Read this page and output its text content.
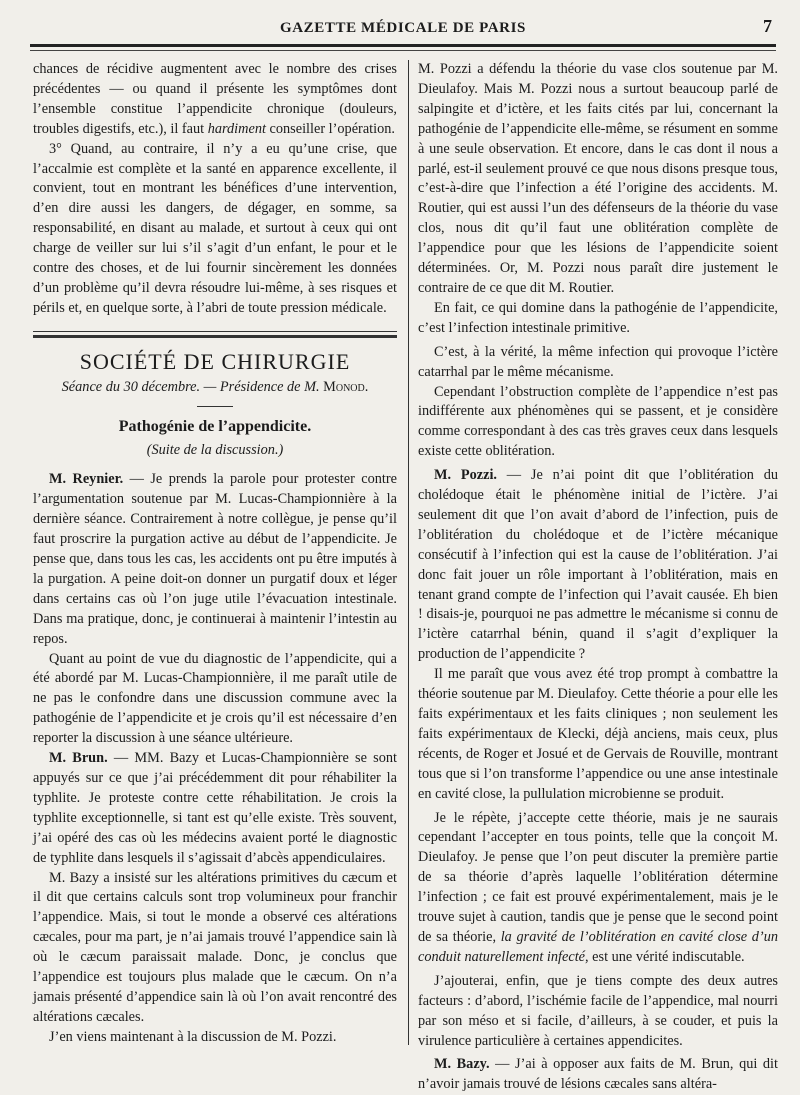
GAZETTE MÉDICALE DE PARIS	7

chances de récidive augmentent avec le nombre des crises précédentes — ou quand il présente les symptômes dont l’ensemble constitue l’appendicite chronique (douleurs, troubles digestifs, etc.), il faut hardiment conseiller l’opération.

3° Quand, au contraire, il n’y a eu qu’une crise, que l’accalmie est complète et la santé en apparence excellente, il convient, tout en montrant les bénéfices d’une intervention, d’en dire aussi les dangers, de dégager, en somme, sa responsabilité, en disant au malade, et surtout à ceux qui ont charge de veiller sur lui s’il s’agit d’un enfant, le pour et le contre des choses, et de lui fournir sincèrement les données d’un problème qu’il devra résoudre lui-même, à ses risques et périls et, en quelque sorte, à l’abri de toute pression médicale.

SOCIÉTÉ DE CHIRURGIE
Séance du 30 décembre. — Présidence de M. Monod.
Pathogénie de l’appendicite.
(Suite de la discussion.)

M. Reynier. — Je prends la parole pour protester contre l’argumentation soutenue par M. Lucas-Championnière à la dernière séance. Contrairement à notre collègue, je pense qu’il faut proscrire la purgation active au début de l’appendicite. Je pense que, dans tous les cas, les accidents ont pu être imputés à la purgation. A peine doit-on donner un purgatif doux et léger dans certains cas où l’on juge utile l’évacuation intestinale. Dans ma pratique, donc, je continuerai à maintenir l’intestin au repos.

Quant au point de vue du diagnostic de l’appendicite, qui a été abordé par M. Lucas-Championnière, il me paraît utile de ne pas le confondre dans une discussion commune avec la pathogénie de l’appendicite et je crois qu’il est nécessaire d’en reporter la discussion à une séance ultérieure.

M. Brun. — MM. Bazy et Lucas-Championnière se sont appuyés sur ce que j’ai précédemment dit pour réhabiliter la typhlite. Je proteste contre cette réhabilitation. Je crois la typhlite exceptionnelle, si tant est qu’elle existe. Très souvent, j’ai opéré des cas où les médecins avaient porté le diagnostic de typhlite dans lesquels il s’agissait d’abcès appendiculaires.

M. Bazy a insisté sur les altérations primitives du cæcum et il dit que certains calculs sont trop volumineux pour franchir l’appendice. Mais, si tout le monde a observé ces altérations cæcales, pour ma part, je n’ai jamais trouvé l’appendice sain là où le cæcum paraissait malade. Donc, je conclus que l’appendice est toujours plus malade que le cæcum. On n’a jamais présenté d’appendice sain là où l’on avait rencontré des altérations cæcales.

J’en viens maintenant à la discussion de M. Pozzi.

M. Pozzi a défendu la théorie du vase clos soutenue par M. Dieulafoy. Mais M. Pozzi nous a surtout beaucoup parlé de salpingite et d’ictère, et les faits cités par lui, concernant la pathogénie de l’appendicite elle-même, se résument en somme à une seule observation. Et encore, dans le cas dont il nous a parlé, est-il seulement prouvé ce que nous disons presque tous, c’est-à-dire que l’infection a été l’origine des accidents. M. Routier, qui est aussi l’un des défenseurs de la théorie du vase clos, nous dit qu’il faut une oblitération complète de l’appendice pour que les lésions de l’appendicite soient déterminées. Or, M. Pozzi nous paraît dire justement le contraire de ce que dit M. Routier.

En fait, ce qui domine dans la pathogénie de l’appendicite, c’est l’infection intestinale primitive.

C’est, à la vérité, la même infection qui provoque l’ictère catarrhal par le même mécanisme.

Cependant l’obstruction complète de l’appendice n’est pas indifférente aux phénomènes qui se passent, et je considère comme correspondant à des cas très graves ceux dans lesquels existe cette oblitération.

M. Pozzi. — Je n’ai point dit que l’oblitération du cholédoque était le phénomène initial de l’ictère. J’ai seulement dit que l’on avait d’abord de l’infection, puis de l’oblitération du cholédoque et de l’ictère mécanique consécutif à l’infection qui est la cause de l’oblitération. J’ai donc fait jouer un rôle important à l’oblitération, mais en tenant grand compte de l’infection qui l’avait causée. Eh bien ! disais-je, pourquoi ne pas admettre le mécanisme si connu de l’ictère catarrhal bénin, quand il s’agit d’expliquer la production de l’appendicite ?

Il me paraît que vous avez été trop prompt à combattre la théorie soutenue par M. Dieulafoy. Cette théorie a pour elle les faits expérimentaux et les faits cliniques ; non seulement les faits expérimentaux de Klecki, déjà anciens, mais ceux, plus récents, de Roger et Josué et de Gervais de Rouville, montrant tous que si l’on transforme l’appendice ou une anse intestinale en cavité close, la pullulation microbienne se produit.

Je le répète, j’accepte cette théorie, mais je ne saurais cependant l’accepter en tous points, telle que la conçoit M. Dieulafoy. Je pense que l’on peut discuter la première partie de sa théorie d’après laquelle l’oblitération détermine l’infection ; ce fait est prouvé expérimentalement, mais je le trouve sujet à caution, tandis que je pense que le second point de sa théorie, la gravité de l’oblitération en cavité close d’un conduit naturellement infecté, est une vérité indiscutable.

J’ajouterai, enfin, que je tiens compte des deux autres facteurs : d’abord, l’ischémie facile de l’appendice, mal nourri par son méso et si facile, d’ailleurs, à se couder, et puis la virulence particulière à certaines appendicites.

M. Bazy. — J’ai à opposer aux faits de M. Brun, qui dit n’avoir jamais trouvé de lésions cæcales sans altéra-
